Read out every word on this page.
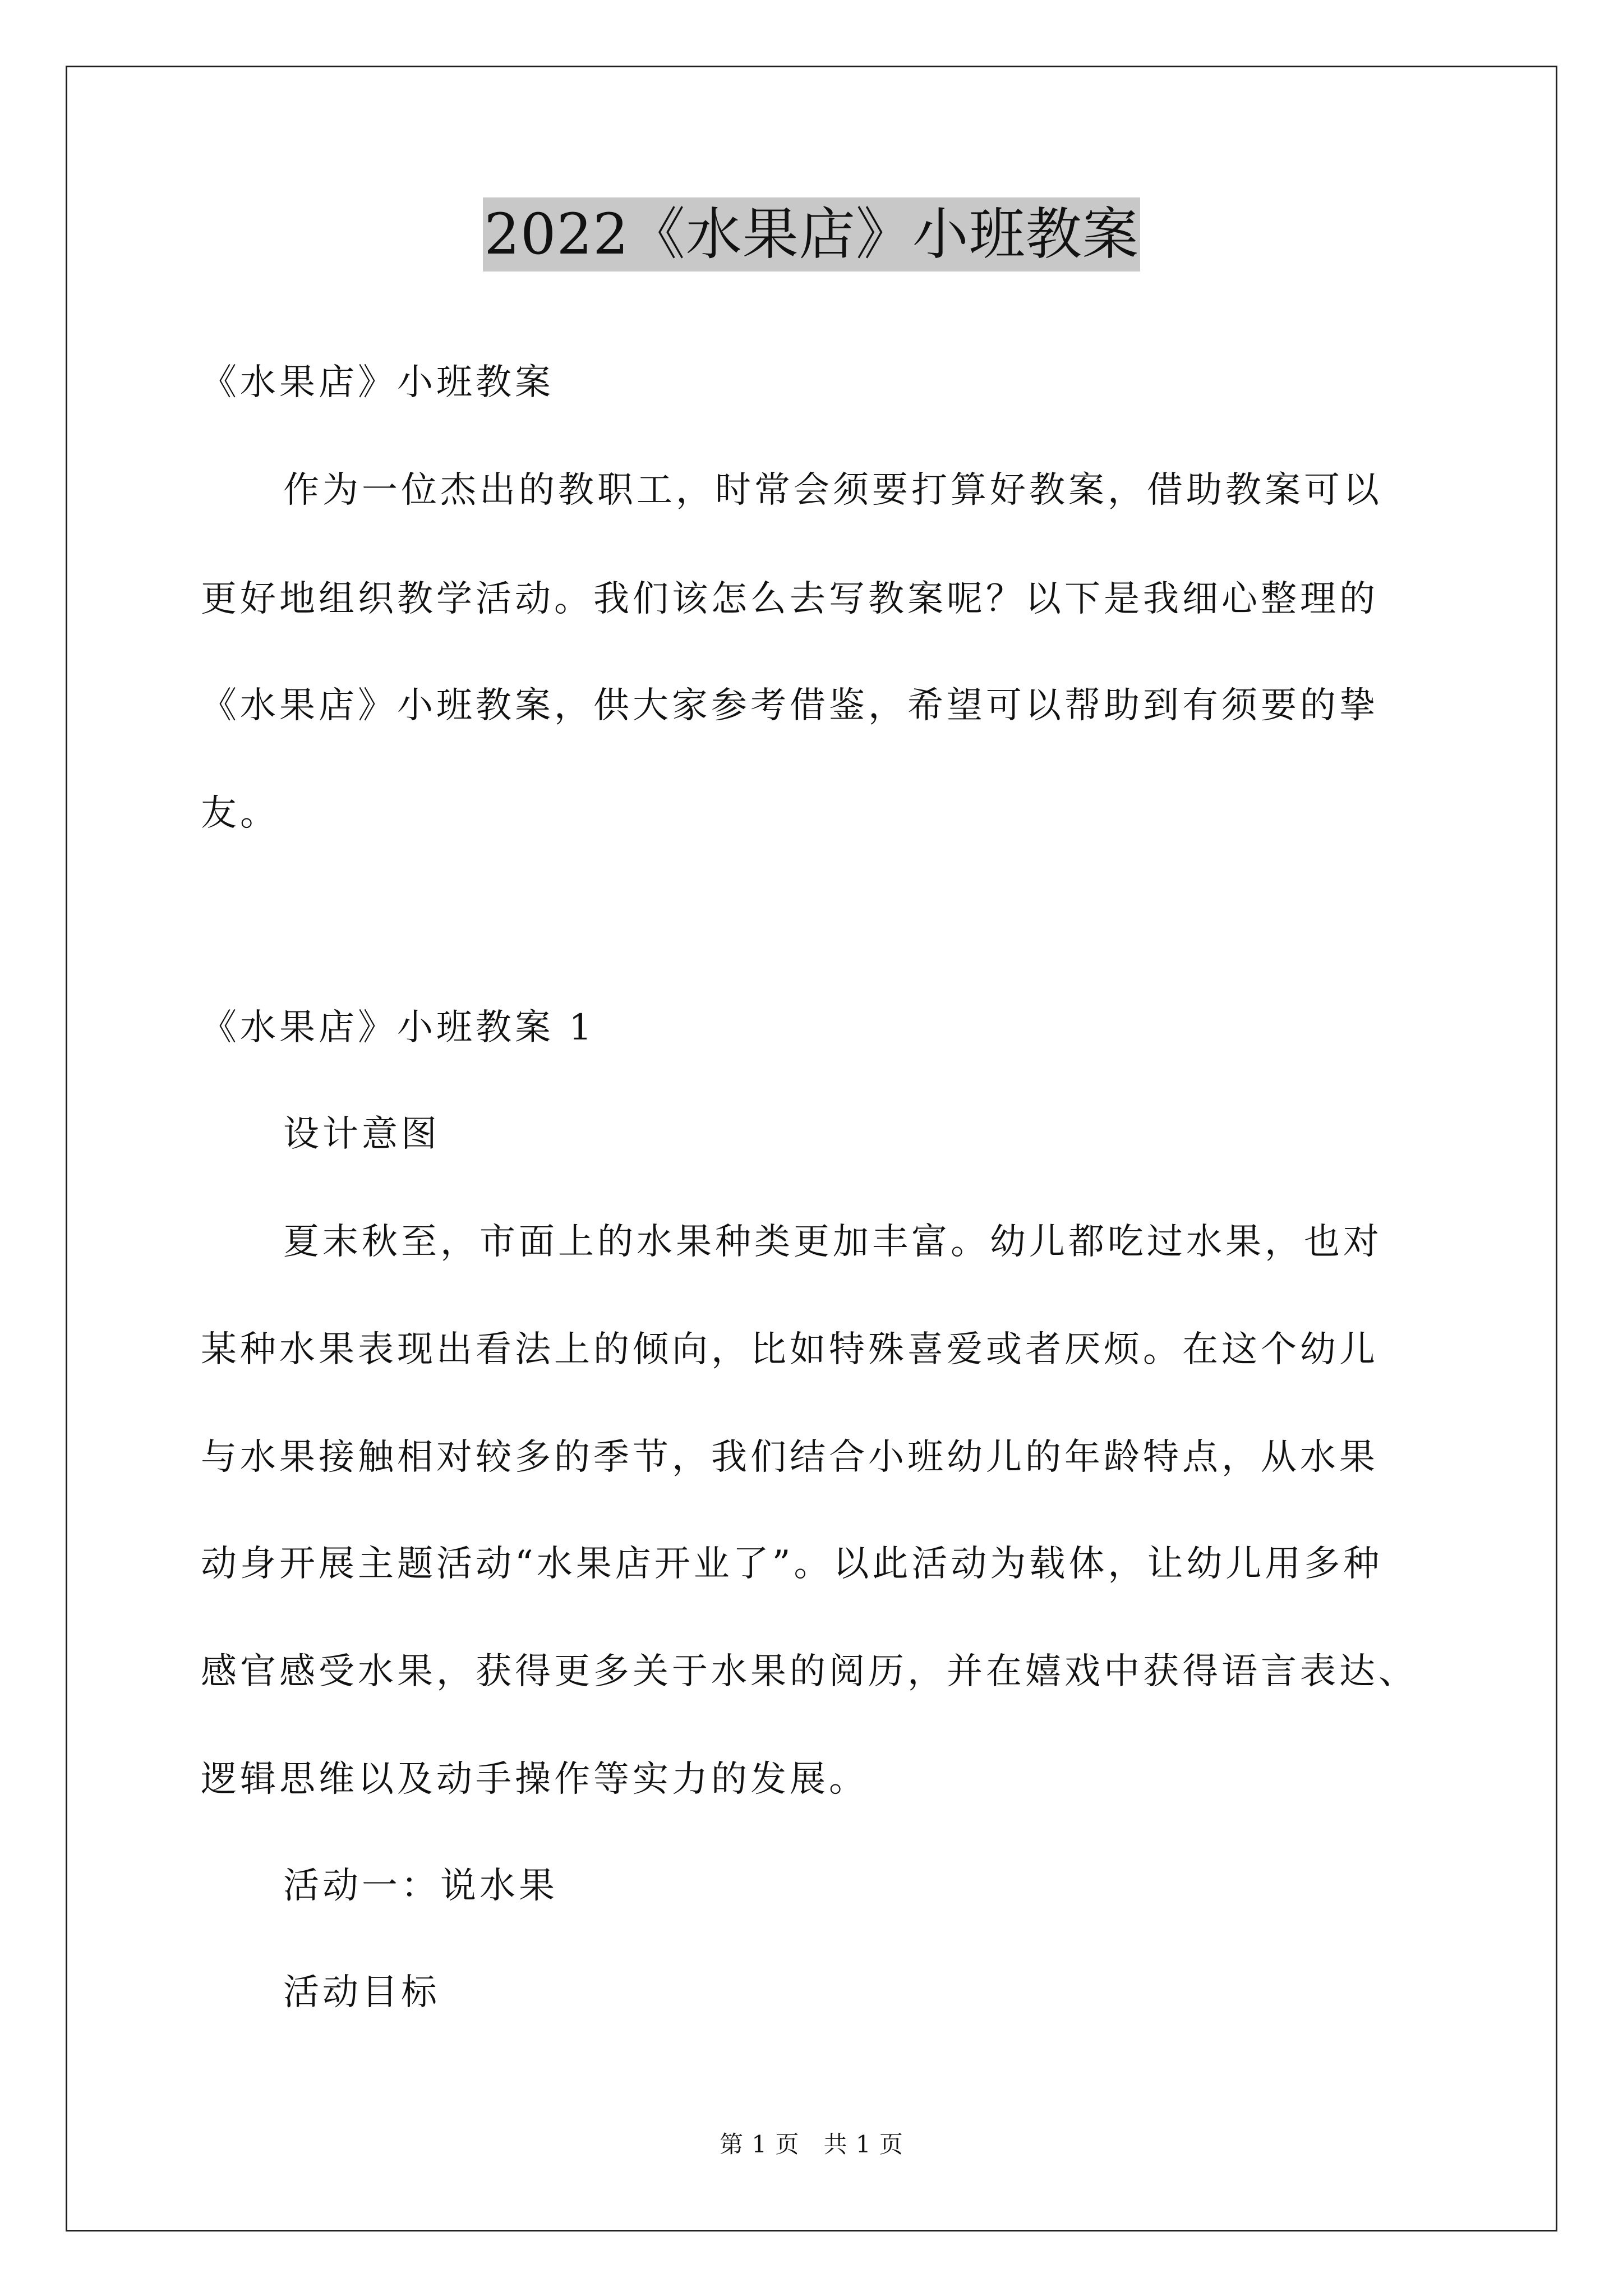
2022《水果店》小班教案
《水果店》小班教案
作为一位杰出的教职工，时常会须要打算好教案，借助教案可以
更好地组织教学活动。我们该怎么去写教案呢？以下是我细心整理的
《水果店》小班教案，供大家参考借鉴，希望可以帮助到有须要的挚
友。
《水果店》小班教案 1
设计意图
夏末秋至，市面上的水果种类更加丰富。幼儿都吃过水果，也对
某种水果表现出看法上的倾向，比如特殊喜爱或者厌烦。在这个幼儿
与水果接触相对较多的季节，我们结合小班幼儿的年龄特点，从水果
动身开展主题活动“水果店开业了”。以此活动为载体，让幼儿用多种
感官感受水果，获得更多关于水果的阅历，并在嬉戏中获得语言表达、
逻辑思维以及动手操作等实力的发展。
活动一：说水果
活动目标
第 1 页　共 1 页
